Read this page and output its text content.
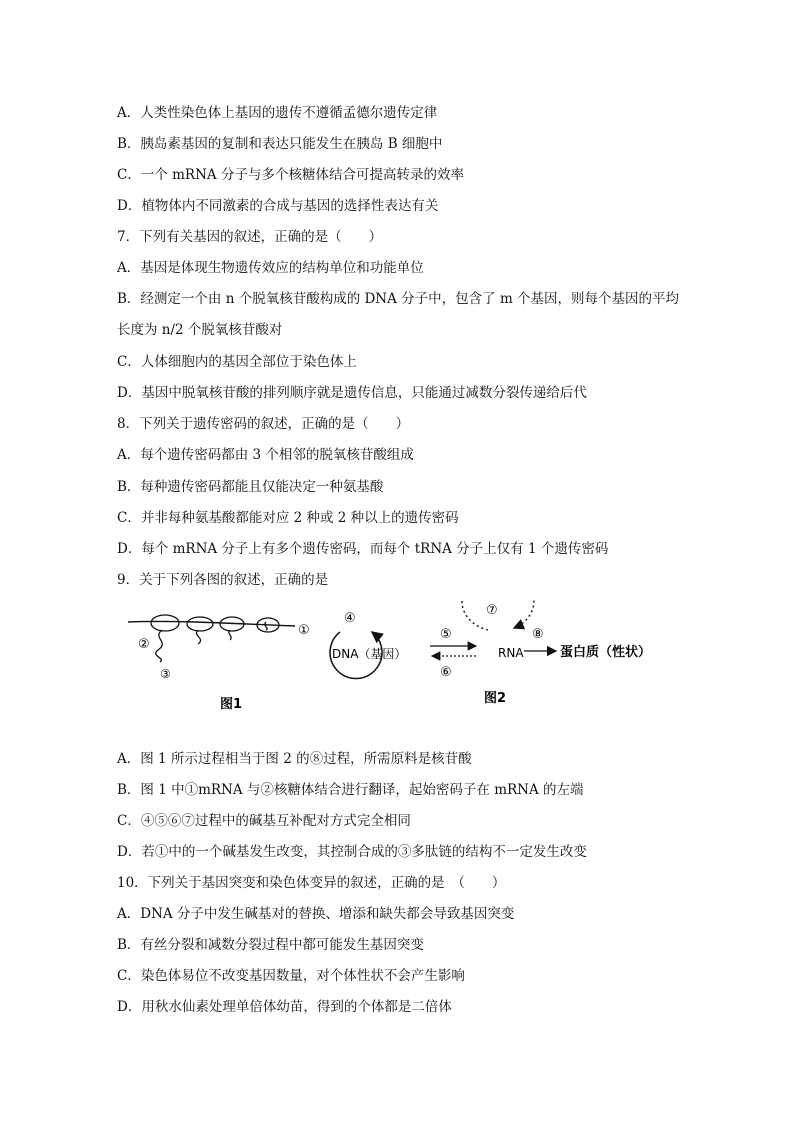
A．人类性染色体上基因的遗传不遵循孟德尔遗传定律
B．胰岛素基因的复制和表达只能发生在胰岛 B 细胞中
C．一个 mRNA 分子与多个核糖体结合可提高转录的效率
D．植物体内不同激素的合成与基因的选择性表达有关
7．下列有关基因的叙述，正确的是（　　）
A．基因是体现生物遗传效应的结构单位和功能单位
B．经测定一个由 n 个脱氧核苷酸构成的 DNA 分子中，包含了 m 个基因，则每个基因的平均
长度为 n/2 个脱氧核苷酸对
C．人体细胞内的基因全部位于染色体上
D．基因中脱氧核苷酸的排列顺序就是遗传信息，只能通过减数分裂传递给后代
8．下列关于遗传密码的叙述，正确的是（　　）
A．每个遗传密码都由 3 个相邻的脱氧核苷酸组成
B．每种遗传密码都能且仅能决定一种氨基酸
C．并非每种氨基酸都能对应 2 种或 2 种以上的遗传密码
D．每个 mRNA 分子上有多个遗传密码，而每个 tRNA 分子上仅有 1 个遗传密码
9．关于下列各图的叙述，正确的是
②
③
①
图1
④
DNA（基因）
⑤
⑥
⑦
RNA
⑧
蛋白质（性状）
图2
A．图 1 所示过程相当于图 2 的⑧过程，所需原料是核苷酸
B．图 1 中①mRNA 与②核糖体结合进行翻译，起始密码子在 mRNA 的左端
C．④⑤⑥⑦过程中的碱基互补配对方式完全相同
D．若①中的一个碱基发生改变，其控制合成的③多肽链的结构不一定发生改变
10．下列关于基因突变和染色体变异的叙述，正确的是　（　　）
A．DNA 分子中发生碱基对的替换、增添和缺失都会导致基因突变
B．有丝分裂和减数分裂过程中都可能发生基因突变
C．染色体易位不改变基因数量，对个体性状不会产生影响
D．用秋水仙素处理单倍体幼苗，得到的个体都是二倍体
